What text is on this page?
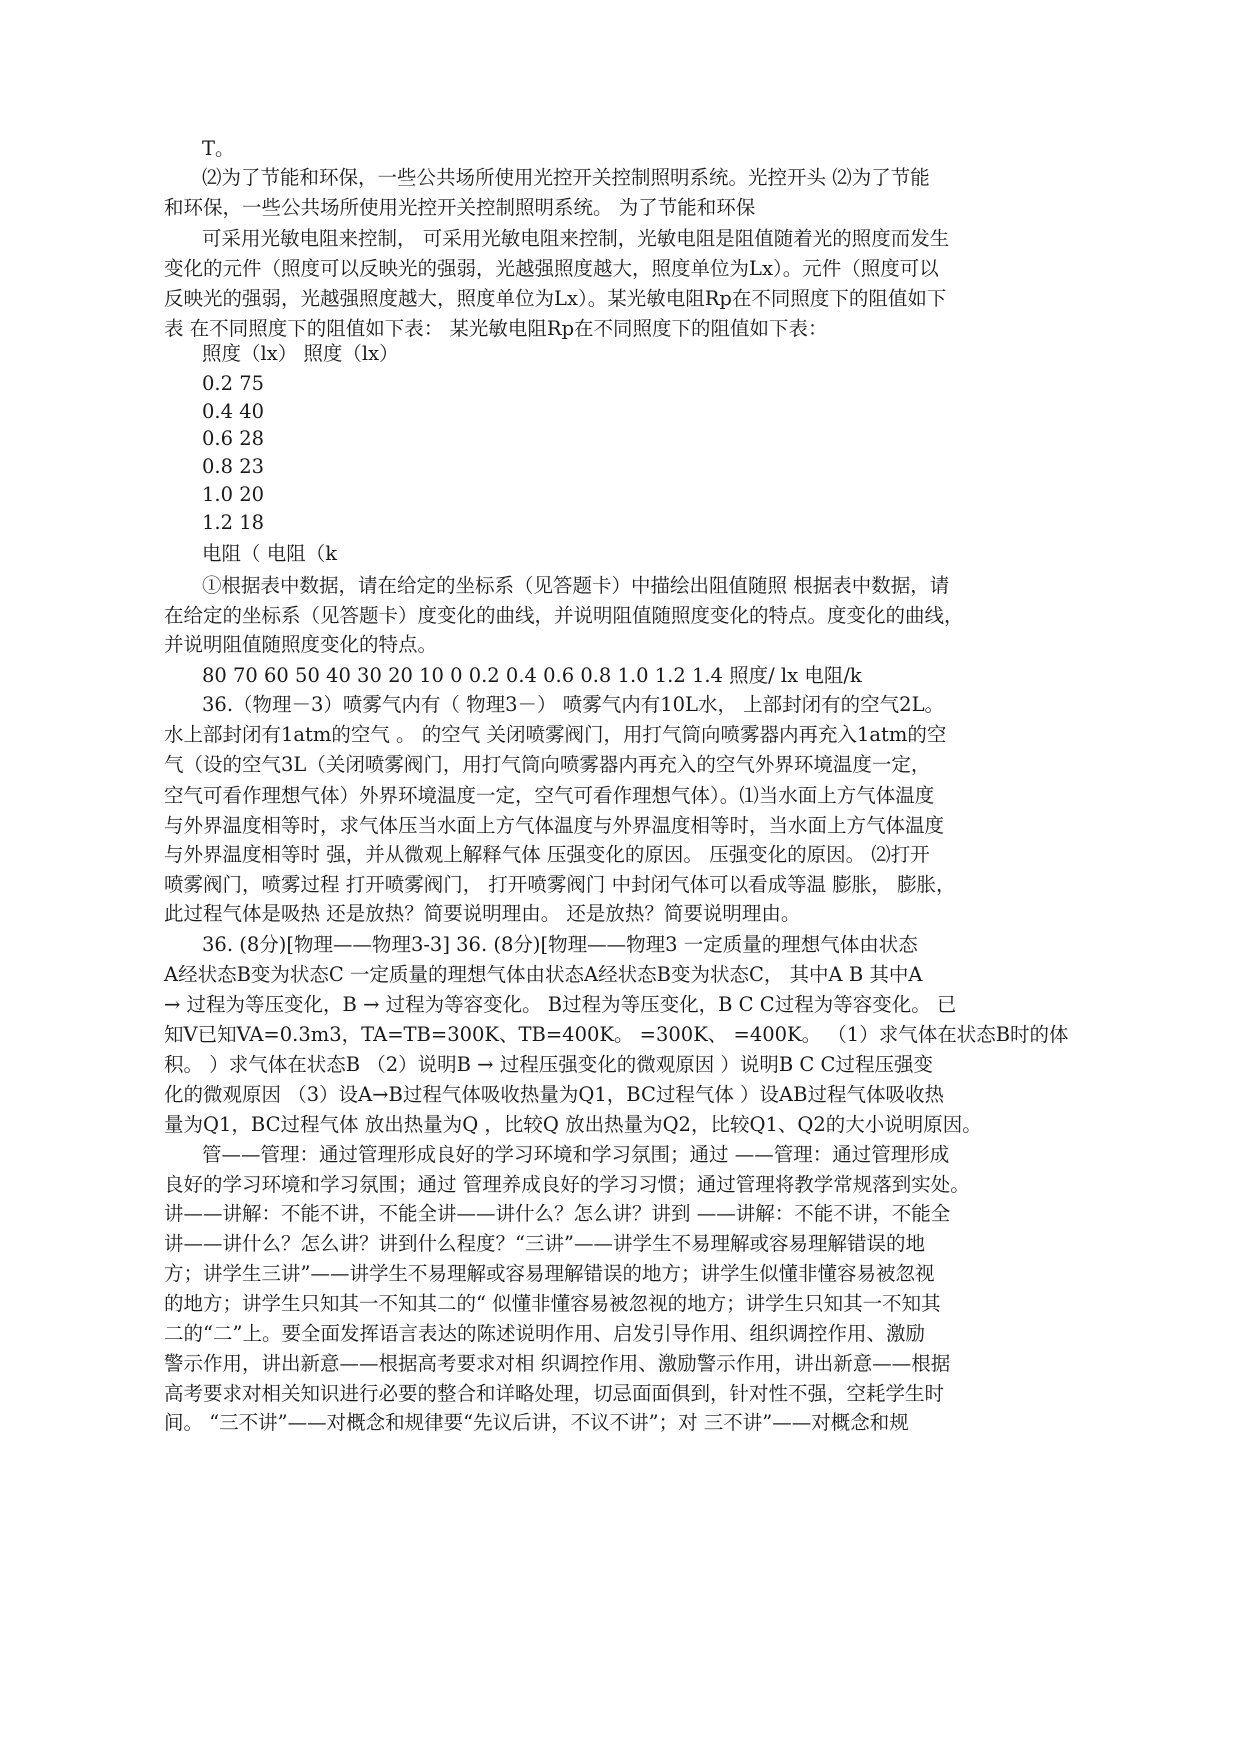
T。

⑵为了节能和环保，一些公共场所使用光控开关控制照明系统。光控开头 ⑵为了节能

和环保，一些公共场所使用光控开关控制照明系统。 为了节能和环保

可采用光敏电阻来控制， 可采用光敏电阻来控制，光敏电阻是阻值随着光的照度而发生

变化的元件（照度可以反映光的强弱，光越强照度越大，照度单位为Lx）。元件（照度可以

反映光的强弱，光越强照度越大，照度单位为Lx）。某光敏电阻Rp在不同照度下的阻值如下

表 在不同照度下的阻值如下表： 某光敏电阻Rp在不同照度下的阻值如下表：

照度（lx） 照度（lx）

0.2 75

0.4 40

0.6 28

0.8 23

1.0 20

1.2 18

电阻（ 电阻（k

①根据表中数据，请在给定的坐标系（见答题卡）中描绘出阻值随照 根据表中数据，请

在给定的坐标系（见答题卡）度变化的曲线，并说明阻值随照度变化的特点。度变化的曲线，

并说明阻值随照度变化的特点。

80 70 60 50 40 30 20 10 0 0.2 0.4 0.6 0.8 1.0 1.2 1.4 照度/ lx 电阻/k

36.（物理－3）喷雾气内有（ 物理3－） 喷雾气内有10L水， 上部封闭有的空气2L。

水上部封闭有1atm的空气 。 的空气 关闭喷雾阀门，用打气筒向喷雾器内再充入1atm的空

气（设的空气3L（关闭喷雾阀门，用打气筒向喷雾器内再充入的空气外界环境温度一定，

空气可看作理想气体）外界环境温度一定，空气可看作理想气体）。⑴当水面上方气体温度

与外界温度相等时，求气体压当水面上方气体温度与外界温度相等时，当水面上方气体温度

与外界温度相等时 强，并从微观上解释气体 压强变化的原因。 压强变化的原因。 ⑵打开

喷雾阀门，喷雾过程 打开喷雾阀门， 打开喷雾阀门 中封闭气体可以看成等温 膨胀， 膨胀，

此过程气体是吸热 还是放热？简要说明理由。 还是放热？简要说明理由。

36. (8分)[物理——物理3-3] 36. (8分)[物理——物理3 一定质量的理想气体由状态

A经状态B变为状态C 一定质量的理想气体由状态A经状态B变为状态C， 其中A B 其中A

→ 过程为等压变化，B → 过程为等容变化。 B过程为等压变化，B C C过程为等容变化。 已

知V已知VA=0.3m3，TA=TB=300K、TB=400K。 =300K、 =400K。 （1）求气体在状态B时的体

积。 ）求气体在状态B （2）说明B → 过程压强变化的微观原因 ）说明B C C过程压强变

化的微观原因 （3）设A→B过程气体吸收热量为Q1，BC过程气体 ）设AB过程气体吸收热

量为Q1，BC过程气体 放出热量为Q ，比较Q 放出热量为Q2，比较Q1、Q2的大小说明原因。

管——管理：通过管理形成良好的学习环境和学习氛围；通过 ——管理：通过管理形成

良好的学习环境和学习氛围；通过 管理养成良好的学习习惯；通过管理将教学常规落到实处。

讲——讲解：不能不讲，不能全讲——讲什么？怎么讲？讲到 ——讲解：不能不讲，不能全

讲——讲什么？怎么讲？讲到什么程度？“三讲”——讲学生不易理解或容易理解错误的地

方；讲学生三讲”——讲学生不易理解或容易理解错误的地方；讲学生似懂非懂容易被忽视

的地方；讲学生只知其一不知其二的“ 似懂非懂容易被忽视的地方；讲学生只知其一不知其

二的“二”上。要全面发挥语言表达的陈述说明作用、启发引导作用、组织调控作用、激励

警示作用，讲出新意——根据高考要求对相 织调控作用、激励警示作用，讲出新意——根据

高考要求对相关知识进行必要的整合和详略处理，切忌面面俱到，针对性不强，空耗学生时

间。 “三不讲”——对概念和规律要“先议后讲，不议不讲”；对 三不讲”——对概念和规
